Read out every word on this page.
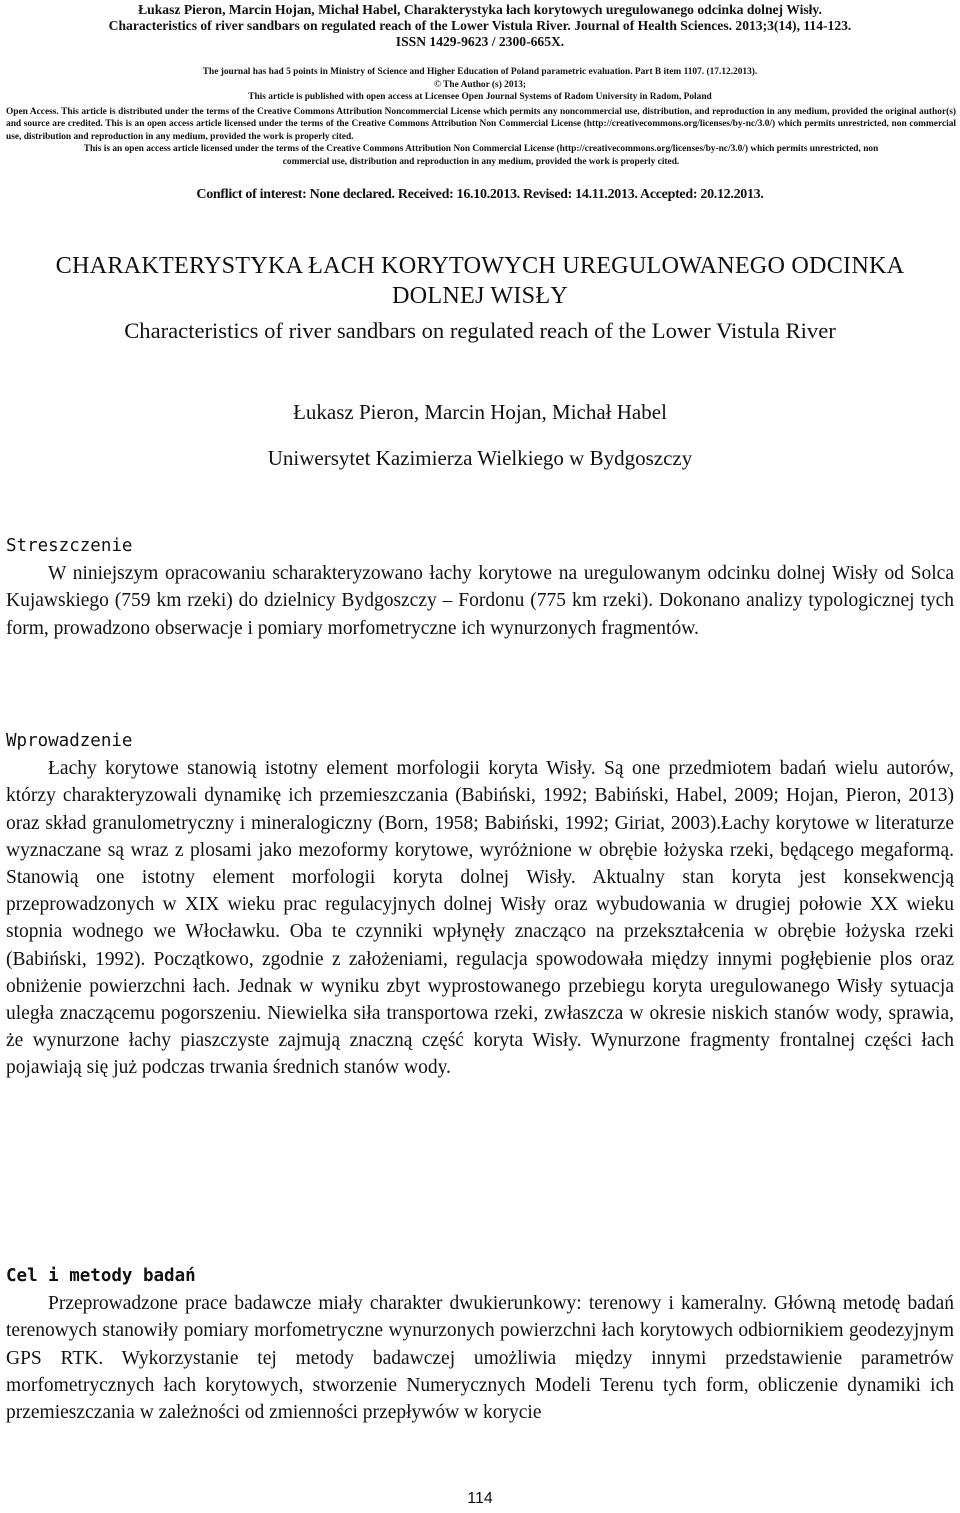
Łukasz Pieron, Marcin Hojan, Michał Habel, Charakterystyka łach korytowych uregulowanego odcinka dolnej Wisły.
Characteristics of river sandbars on regulated reach of the Lower Vistula River. Journal of Health Sciences. 2013;3(14), 114-123.
ISSN 1429-9623 / 2300-665X.
The journal has had 5 points in Ministry of Science and Higher Education of Poland parametric evaluation. Part B item 1107. (17.12.2013).
© The Author (s) 2013;
This article is published with open access at Licensee Open Journal Systems of Radom University in Radom, Poland
Open Access. This article is distributed under the terms of the Creative Commons Attribution Noncommercial License which permits any noncommercial use, distribution, and reproduction in any medium, provided the original author(s) and source are credited. This is an open access article licensed under the terms of the Creative Commons Attribution Non Commercial License (http://creativecommons.org/licenses/by-nc/3.0/) which permits unrestricted, non commercial use, distribution and reproduction in any medium, provided the work is properly cited.
This is an open access article licensed under the terms of the Creative Commons Attribution Non Commercial License (http://creativecommons.org/licenses/by-nc/3.0/) which permits unrestricted, non commercial use, distribution and reproduction in any medium, provided the work is properly cited.
Conflict of interest: None declared. Received: 16.10.2013. Revised: 14.11.2013. Accepted: 20.12.2013.
CHARAKTERYSTYKA ŁACH KORYTOWYCH UREGULOWANEGO ODCINKA
DOLNEJ WISŁY
Characteristics of river sandbars on regulated reach of the Lower Vistula River
Łukasz Pieron, Marcin Hojan, Michał Habel
Uniwersytet Kazimierza Wielkiego w Bydgoszczy
Streszczenie

W niniejszym opracowaniu scharakteryzowano łachy korytowe na uregulowanym odcinku dolnej Wisły od Solca Kujawskiego (759 km rzeki) do dzielnicy Bydgoszczy – Fordonu (775 km rzeki). Dokonano analizy typologicznej tych form, prowadzono obserwacje i pomiary morfometryczne ich wynurzonych fragmentów.

Wprowadzenie

Łachy korytowe stanowią istotny element morfologii koryta Wisły. Są one przedmiotem badań wielu autorów, którzy charakteryzowali dynamikę ich przemieszczania (Babiński, 1992; Babiński, Habel, 2009; Hojan, Pieron, 2013) oraz skład granulometryczny i mineralogiczny (Born, 1958; Babiński, 1992; Giriat, 2003).Łachy korytowe w literaturze wyznaczane są wraz z plosami jako mezoformy korytowe, wyróżnione w obrębie łożyska rzeki, będącego megaformą. Stanowią one istotny element morfologii koryta dolnej Wisły. Aktualny stan koryta jest konsekwencją przeprowadzonych w XIX wieku prac regulacyjnych dolnej Wisły oraz wybudowania w drugiej połowie XX wieku stopnia wodnego we Włocławku. Oba te czynniki wpłynęły znacząco na przekształcenia w obrębie łożyska rzeki (Babiński, 1992). Początkowo, zgodnie z założeniami, regulacja spowodowała między innymi pogłębienie plos oraz obniżenie powierzchni łach. Jednak w wyniku zbyt wyprostowanego przebiegu koryta uregulowanego Wisły sytuacja uległa znaczącemu pogorszeniu. Niewielka siła transportowa rzeki, zwłaszcza w okresie niskich stanów wody, sprawia, że wynurzone łachy piaszczyste zajmują znaczną część koryta Wisły. Wynurzone fragmenty frontalnej części łach pojawiają się już podczas trwania średnich stanów wody.

Cel i metody badań

Przeprowadzone prace badawcze miały charakter dwukierunkowy: terenowy i kameralny. Główną metodę badań terenowych stanowiły pomiary morfometryczne wynurzonych powierzchni łach korytowych odbiornikiem geodezyjnym GPS RTK. Wykorzystanie tej metody badawczej umożliwia między innymi przedstawienie parametrów morfometrycznych łach korytowych, stworzenie Numerycznych Modeli Terenu tych form, obliczenie dynamiki ich przemieszczania w zależności od zmienności przepływów w korycie

114
